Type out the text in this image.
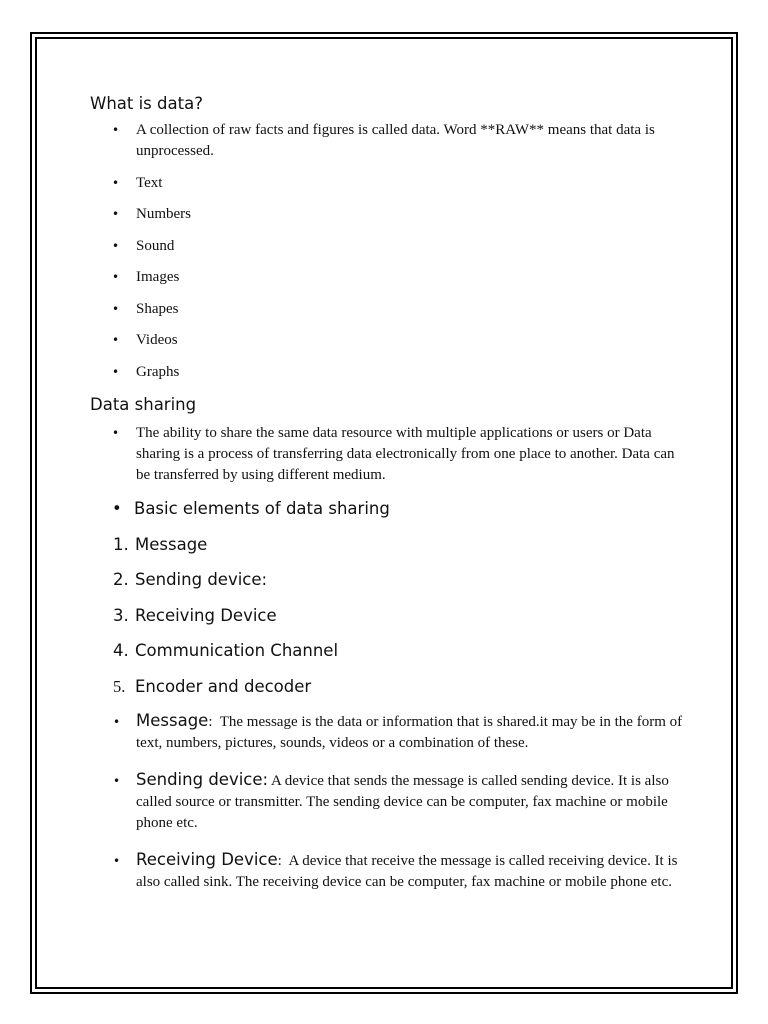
What is data?
• A collection of raw facts and figures is called data. Word **RAW** means that data is unprocessed.
• Text
• Numbers
• Sound
• Images
• Shapes
• Videos
• Graphs
Data sharing
• The ability to share the same data resource with multiple applications or users or Data sharing is a process of transferring data electronically from one place to another. Data can be transferred by using different medium.
• Basic elements of data sharing
1. Message
2. Sending device:
3. Receiving Device
4. Communication Channel
5. Encoder and decoder
• Message:  The message is the data or information that is shared.it may be in the form of text, numbers, pictures, sounds, videos or a combination of these.
• Sending device: A device that sends the message is called sending device. It is also called source or transmitter. The sending device can be computer, fax machine or mobile phone etc.
• Receiving Device:  A device that receive the message is called receiving device. It is also called sink. The receiving device can be computer, fax machine or mobile phone etc.
